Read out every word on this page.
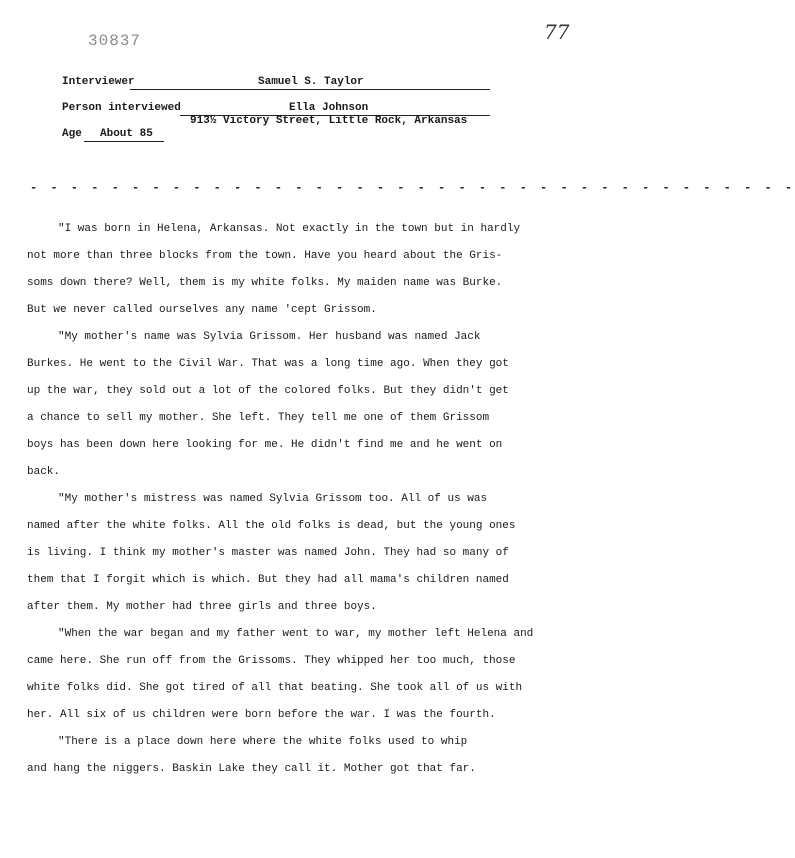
30837	77
Interviewer	Samuel S. Taylor
Person interviewed	Ella Johnson
913½ Victory Street, Little Rock, Arkansas
Age About 85
- - - - - - - - - - - - - - - - - - - - - - - - - - - - - - - - - - - - - -
"I was born in Helena, Arkansas. Not exactly in the town but in hardly
not more than three blocks from the town. Have you heard about the Gris-
soms down there? Well, them is my white folks. My maiden name was Burke.
But we never called ourselves any name 'cept Grissom.
"My mother's name was Sylvia Grissom. Her husband was named Jack
Burkes. He went to the Civil War. That was a long time ago. When they got
up the war, they sold out a lot of the colored folks. But they didn't get
a chance to sell my mother. She left. They tell me one of them Grissom
boys has been down here looking for me. He didn't find me and he went on
back.
"My mother's mistress was named Sylvia Grissom too. All of us was
named after the white folks. All the old folks is dead, but the young ones
is living. I think my mother's master was named John. They had so many of
them that I forgit which is which. But they had all mama's children named
after them. My mother had three girls and three boys.
"When the war began and my father went to war, my mother left Helena and
came here. She run off from the Grissoms. They whipped her too much, those
white folks did. She got tired of all that beating. She took all of us with
her. All six of us children were born before the war. I was the fourth.
"There is a place down here where the white folks used to whip
and hang the niggers. Baskin Lake they call it. Mother got that far.
